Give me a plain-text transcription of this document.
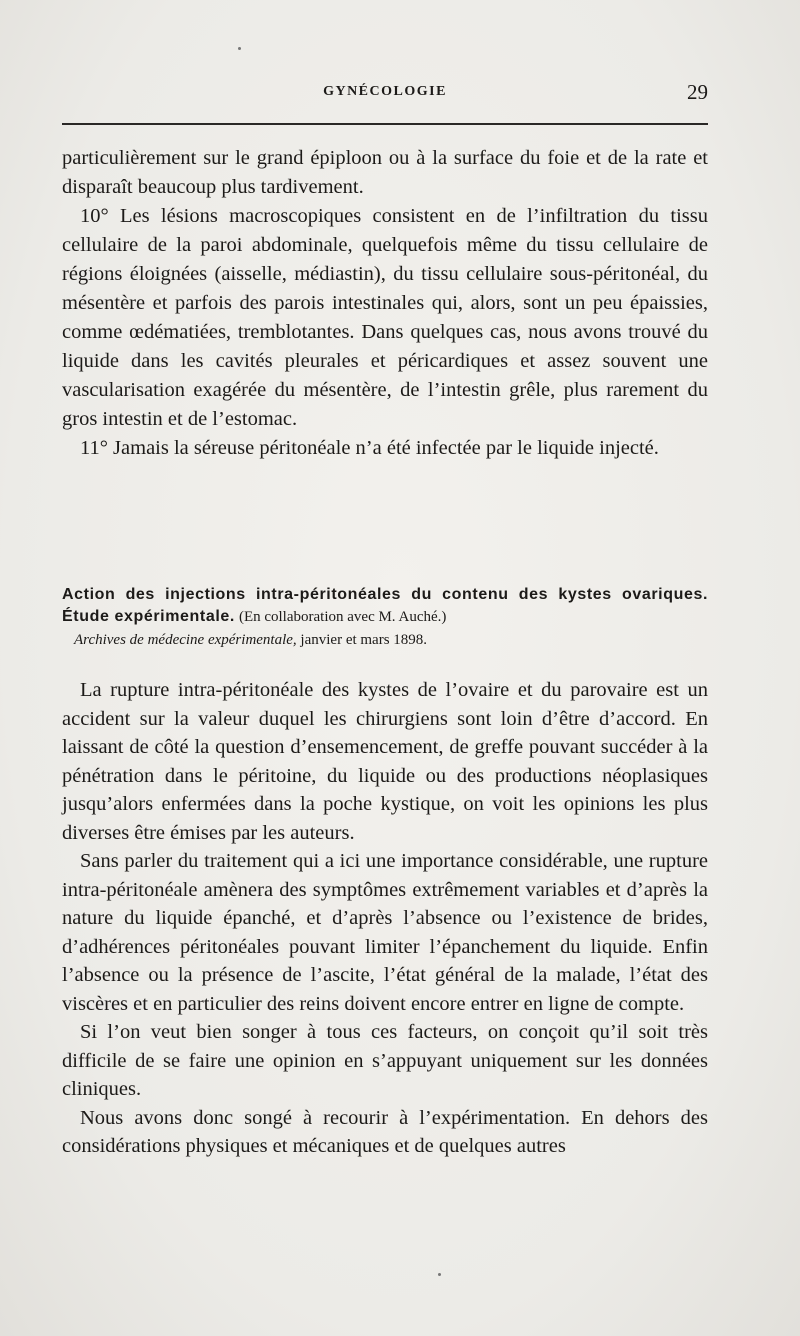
GYNÉCOLOGIE	29

particulièrement sur le grand épiploon ou à la surface du foie et de la rate et disparaît beaucoup plus tardivement.

10° Les lésions macroscopiques consistent en de l’infiltration du tissu cellulaire de la paroi abdominale, quelquefois même du tissu cellulaire de régions éloignées (aisselle, médiastin), du tissu cellulaire sous-péritonéal, du mésentère et parfois des parois intestinales qui, alors, sont un peu épaissies, comme œdématiées, tremblotantes. Dans quelques cas, nous avons trouvé du liquide dans les cavités pleurales et péricardiques et assez souvent une vascularisation exagérée du mésentère, de l’intestin grêle, plus rarement du gros intestin et de l’estomac.

11° Jamais la séreuse péritonéale n’a été infectée par le liquide injecté.

Action des injections intra-péritonéales du contenu des kystes ovariques. Étude expérimentale. (En collaboration avec M. Auché.)

Archives de médecine expérimentale, janvier et mars 1898.

La rupture intra-péritonéale des kystes de l’ovaire et du parovaire est un accident sur la valeur duquel les chirurgiens sont loin d’être d’accord. En laissant de côté la question d’ensemencement, de greffe pouvant succéder à la pénétration dans le péritoine, du liquide ou des productions néoplasiques jusqu’alors enfermées dans la poche kystique, on voit les opinions les plus diverses être émises par les auteurs.

Sans parler du traitement qui a ici une importance considérable, une rupture intra-péritonéale amènera des symptômes extrêmement variables et d’après la nature du liquide épanché, et d’après l’absence ou l’existence de brides, d’adhérences péritonéales pouvant limiter l’épanchement du liquide. Enfin l’absence ou la présence de l’ascite, l’état général de la malade, l’état des viscères et en particulier des reins doivent encore entrer en ligne de compte.

Si l’on veut bien songer à tous ces facteurs, on conçoit qu’il soit très difficile de se faire une opinion en s’appuyant uniquement sur les données cliniques.

Nous avons donc songé à recourir à l’expérimentation. En dehors des considérations physiques et mécaniques et de quelques autres
